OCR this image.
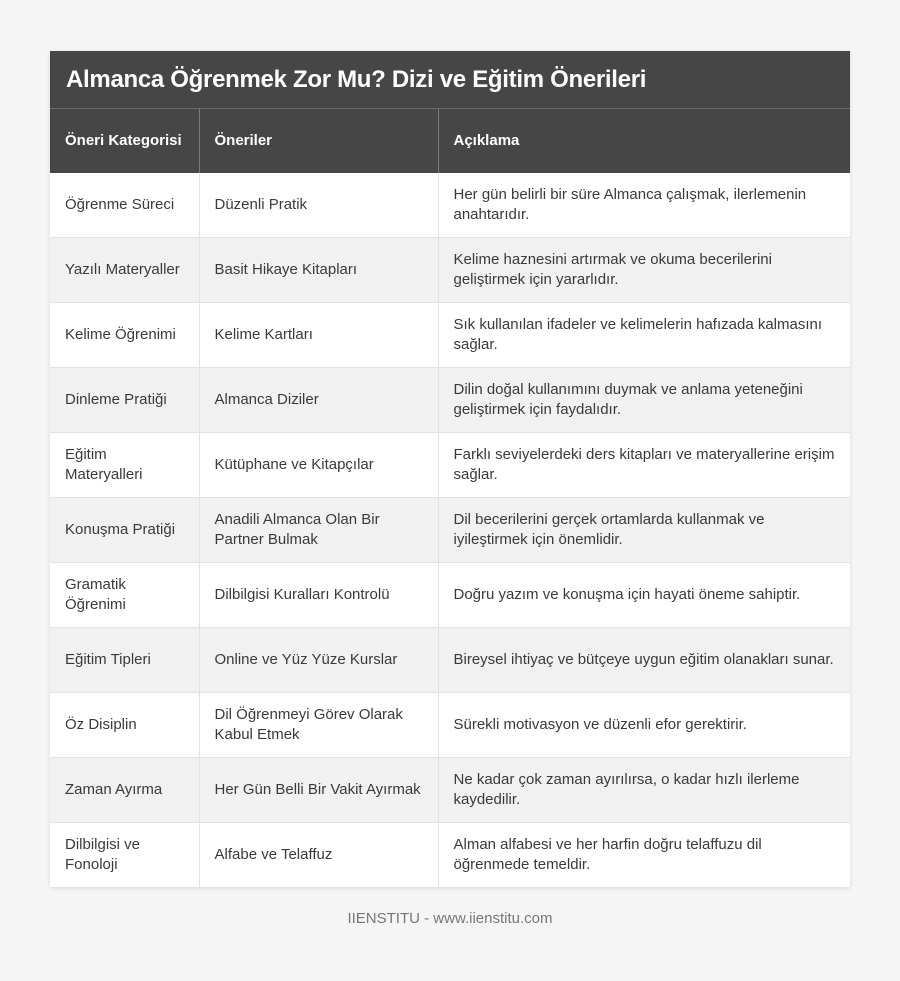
Almanca Öğrenmek Zor Mu? Dizi ve Eğitim Önerileri
Öneri Kategorisi	Öneriler	Açıklama
Öğrenme Süreci	Düzenli Pratik	Her gün belirli bir süre Almanca çalışmak, ilerlemenin anahtarıdır.
Yazılı Materyaller	Basit Hikaye Kitapları	Kelime haznesini artırmak ve okuma becerilerini geliştirmek için yararlıdır.
Kelime Öğrenimi	Kelime Kartları	Sık kullanılan ifadeler ve kelimelerin hafızada kalmasını sağlar.
Dinleme Pratiği	Almanca Diziler	Dilin doğal kullanımını duymak ve anlama yeteneğini geliştirmek için faydalıdır.
Eğitim Materyalleri	Kütüphane ve Kitapçılar	Farklı seviyelerdeki ders kitapları ve materyallerine erişim sağlar.
Konuşma Pratiği	Anadili Almanca Olan Bir Partner Bulmak	Dil becerilerini gerçek ortamlarda kullanmak ve iyileştirmek için önemlidir.
Gramatik Öğrenimi	Dilbilgisi Kuralları Kontrolü	Doğru yazım ve konuşma için hayati öneme sahiptir.
Eğitim Tipleri	Online ve Yüz Yüze Kurslar	Bireysel ihtiyaç ve bütçeye uygun eğitim olanakları sunar.
Öz Disiplin	Dil Öğrenmeyi Görev Olarak Kabul Etmek	Sürekli motivasyon ve düzenli efor gerektirir.
Zaman Ayırma	Her Gün Belli Bir Vakit Ayırmak	Ne kadar çok zaman ayırılırsa, o kadar hızlı ilerleme kaydedilir.
Dilbilgisi ve Fonoloji	Alfabe ve Telaffuz	Alman alfabesi ve her harfin doğru telaffuzu dil öğrenmede temeldir.
IIENSTITU - www.iienstitu.com
